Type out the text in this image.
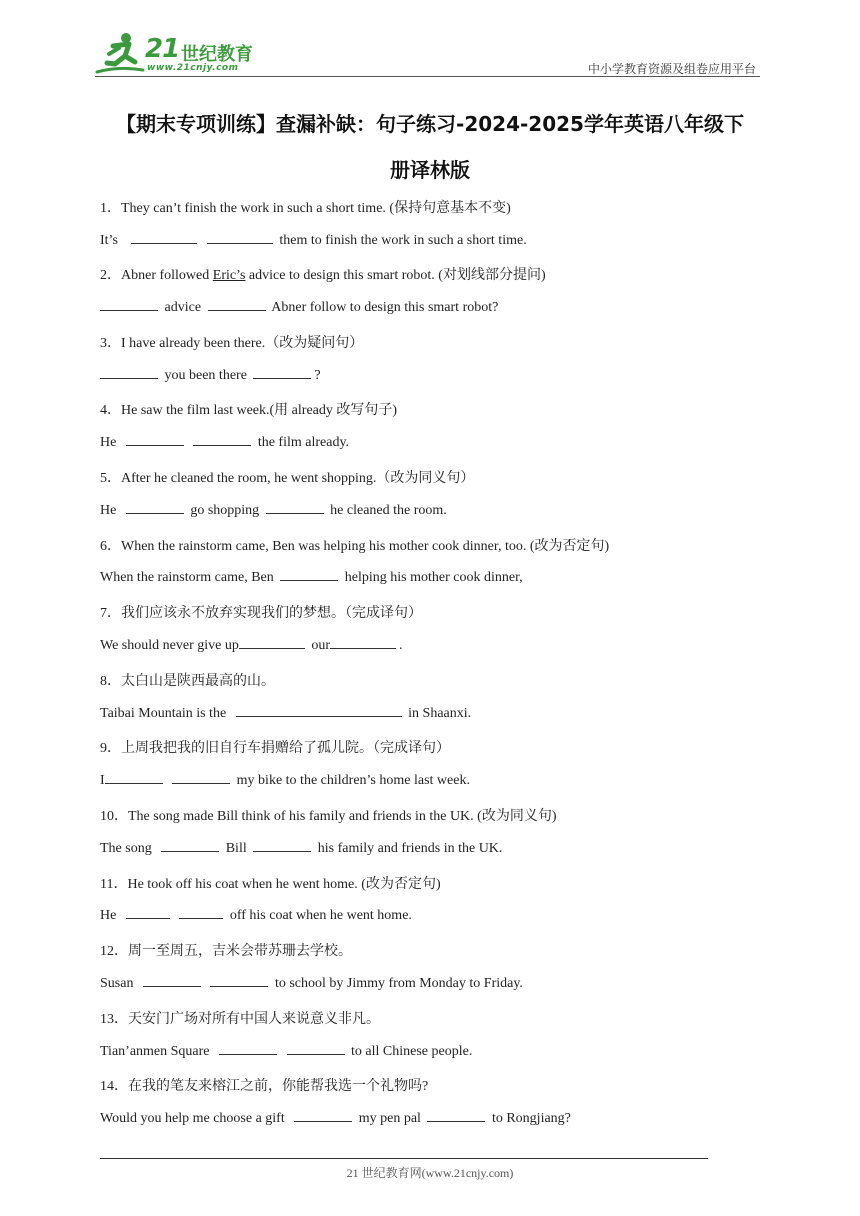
21 世纪教育
www.21cnjy.com	中小学教育资源及组卷应用平台
【期末专项训练】查漏补缺：句子练习-2024-2025学年英语八年级下
册译林版
1．They can’t finish the work in such a short time. (保持句意基本不变)
It’s	them to finish the work in such a short time.
2．Abner followed Eric’s advice to design this smart robot. (对划线部分提问)
advice	Abner follow to design this smart robot?
3．I have already been there.（改为疑问句）
you been there	?
4．He saw the film last week.(用 already 改写句子)
He	the film already.
5．After he cleaned the room, he went shopping.（改为同义句）
He	go shopping	he cleaned the room.
6．When the rainstorm came, Ben was helping his mother cook dinner, too. (改为否定句)
When the rainstorm came, Ben	helping his mother cook dinner,
7．我们应该永不放弃实现我们的梦想。（完成译句）
We should never give up	our	.
8．太白山是陕西最高的山。
Taibai Mountain is the	in Shaanxi.
9．上周我把我的旧自行车捐赠给了孤儿院。（完成译句）
I	my bike to the children’s home last week.
10．The song made Bill think of his family and friends in the UK. (改为同义句)
The song	Bill	his family and friends in the UK.
11．He took off his coat when he went home. (改为否定句)
He	off his coat when he went home.
12．周一至周五，吉米会带苏珊去学校。
Susan	to school by Jimmy from Monday to Friday.
13．天安门广场对所有中国人来说意义非凡。
Tian’anmen Square	to all Chinese people.
14．在我的笔友来榕江之前，你能帮我选一个礼物吗?
Would you help me choose a gift	my pen pal	to Rongjiang?
21 世纪教育网(www.21cnjy.com)
